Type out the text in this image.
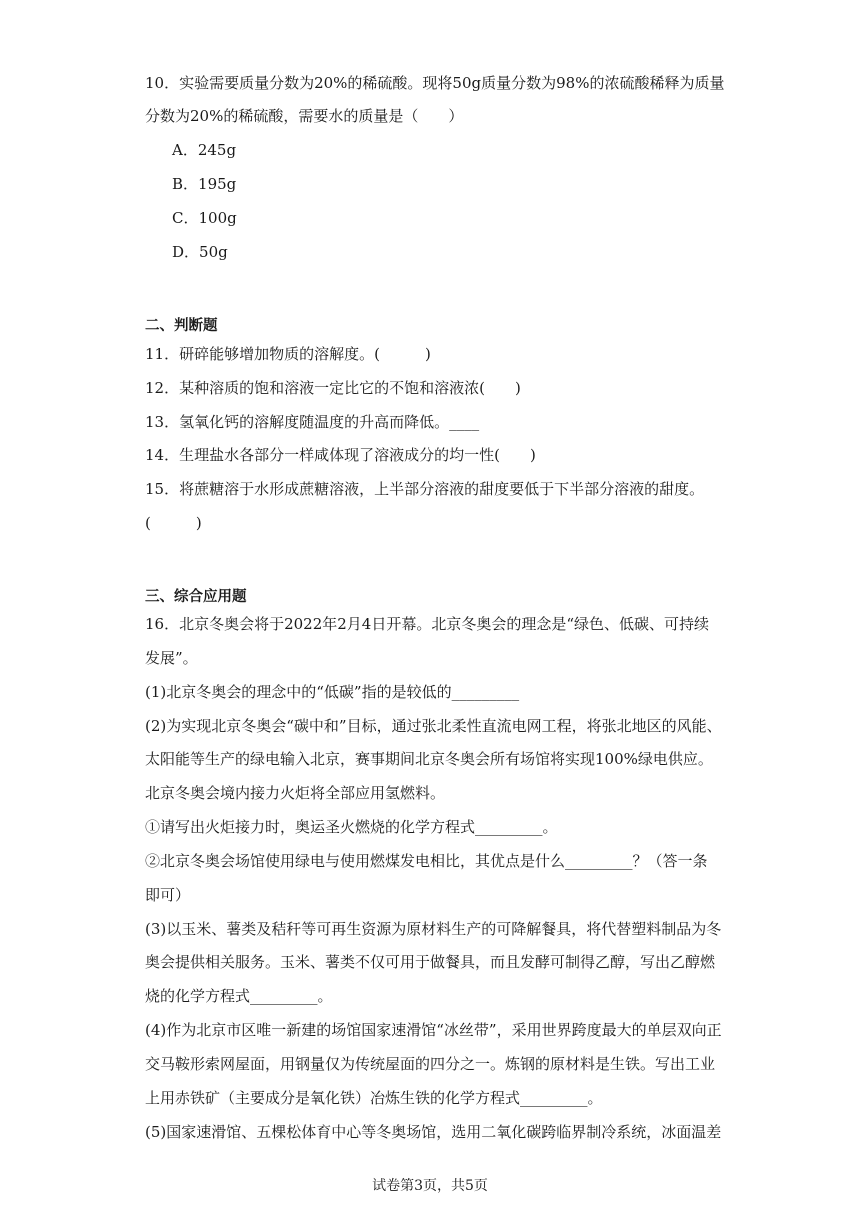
10．实验需要质量分数为20%的稀硫酸。现将50g质量分数为98%的浓硫酸稀释为质量
分数为20%的稀硫酸，需要水的质量是（　　）
A．245g
B．195g
C．100g
D．50g
二、判断题
11．研碎能够增加物质的溶解度。(　　　)
12．某种溶质的饱和溶液一定比它的不饱和溶液浓(　　)
13．氢氧化钙的溶解度随温度的升高而降低。____
14．生理盐水各部分一样咸体现了溶液成分的均一性(　　)
15．将蔗糖溶于水形成蔗糖溶液，上半部分溶液的甜度要低于下半部分溶液的甜度。
(　　　)
三、综合应用题
16．北京冬奥会将于2022年2月4日开幕。北京冬奥会的理念是“绿色、低碳、可持续
发展”。
(1)北京冬奥会的理念中的“低碳”指的是较低的_________
(2)为实现北京冬奥会“碳中和”目标，通过张北柔性直流电网工程，将张北地区的风能、
太阳能等生产的绿电输入北京，赛事期间北京冬奥会所有场馆将实现100%绿电供应。
北京冬奥会境内接力火炬将全部应用氢燃料。
①请写出火炬接力时，奥运圣火燃烧的化学方程式_________。
②北京冬奥会场馆使用绿电与使用燃煤发电相比，其优点是什么_________？（答一条
即可）
(3)以玉米、薯类及秸秆等可再生资源为原材料生产的可降解餐具，将代替塑料制品为冬
奥会提供相关服务。玉米、薯类不仅可用于做餐具，而且发酵可制得乙醇，写出乙醇燃
烧的化学方程式_________。
(4)作为北京市区唯一新建的场馆国家速滑馆“冰丝带”，采用世界跨度最大的单层双向正
交马鞍形索网屋面，用钢量仅为传统屋面的四分之一。炼钢的原材料是生铁。写出工业
上用赤铁矿（主要成分是氧化铁）冶炼生铁的化学方程式_________。
(5)国家速滑馆、五棵松体育中心等冬奥场馆，选用二氧化碳跨临界制冷系统，冰面温差
试卷第3页，共5页
